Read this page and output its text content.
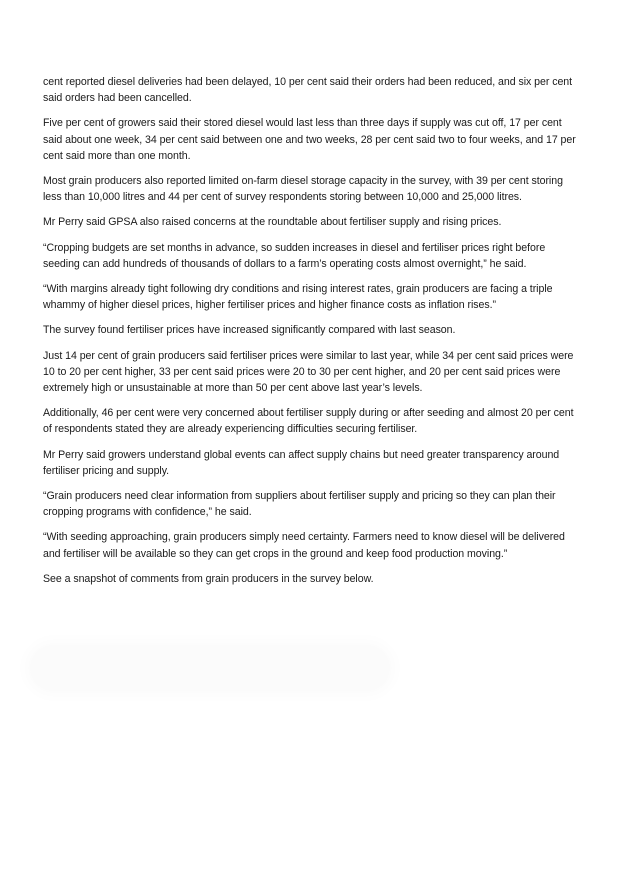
cent reported diesel deliveries had been delayed, 10 per cent said their orders had been reduced, and six per cent said orders had been cancelled.

Five per cent of growers said their stored diesel would last less than three days if supply was cut off, 17 per cent said about one week, 34 per cent said between one and two weeks, 28 per cent said two to four weeks, and 17 per cent said more than one month.

Most grain producers also reported limited on-farm diesel storage capacity in the survey, with 39 per cent storing less than 10,000 litres and 44 per cent of survey respondents storing between 10,000 and 25,000 litres.

Mr Perry said GPSA also raised concerns at the roundtable about fertiliser supply and rising prices.

“Cropping budgets are set months in advance, so sudden increases in diesel and fertiliser prices right before seeding can add hundreds of thousands of dollars to a farm’s operating costs almost overnight,” he said.

“With margins already tight following dry conditions and rising interest rates, grain producers are facing a triple whammy of higher diesel prices, higher fertiliser prices and higher finance costs as inflation rises.”

The survey found fertiliser prices have increased significantly compared with last season.

Just 14 per cent of grain producers said fertiliser prices were similar to last year, while 34 per cent said prices were 10 to 20 per cent higher, 33 per cent said prices were 20 to 30 per cent higher, and 20 per cent said prices were extremely high or unsustainable at more than 50 per cent above last year’s levels.

Additionally, 46 per cent were very concerned about fertiliser supply during or after seeding and almost 20 per cent of respondents stated they are already experiencing difficulties securing fertiliser.

Mr Perry said growers understand global events can affect supply chains but need greater transparency around fertiliser pricing and supply.

“Grain producers need clear information from suppliers about fertiliser supply and pricing so they can plan their cropping programs with confidence,” he said.

“With seeding approaching, grain producers simply need certainty. Farmers need to know diesel will be delivered and fertiliser will be available so they can get crops in the ground and keep food production moving.”

See a snapshot of comments from grain producers in the survey below.
